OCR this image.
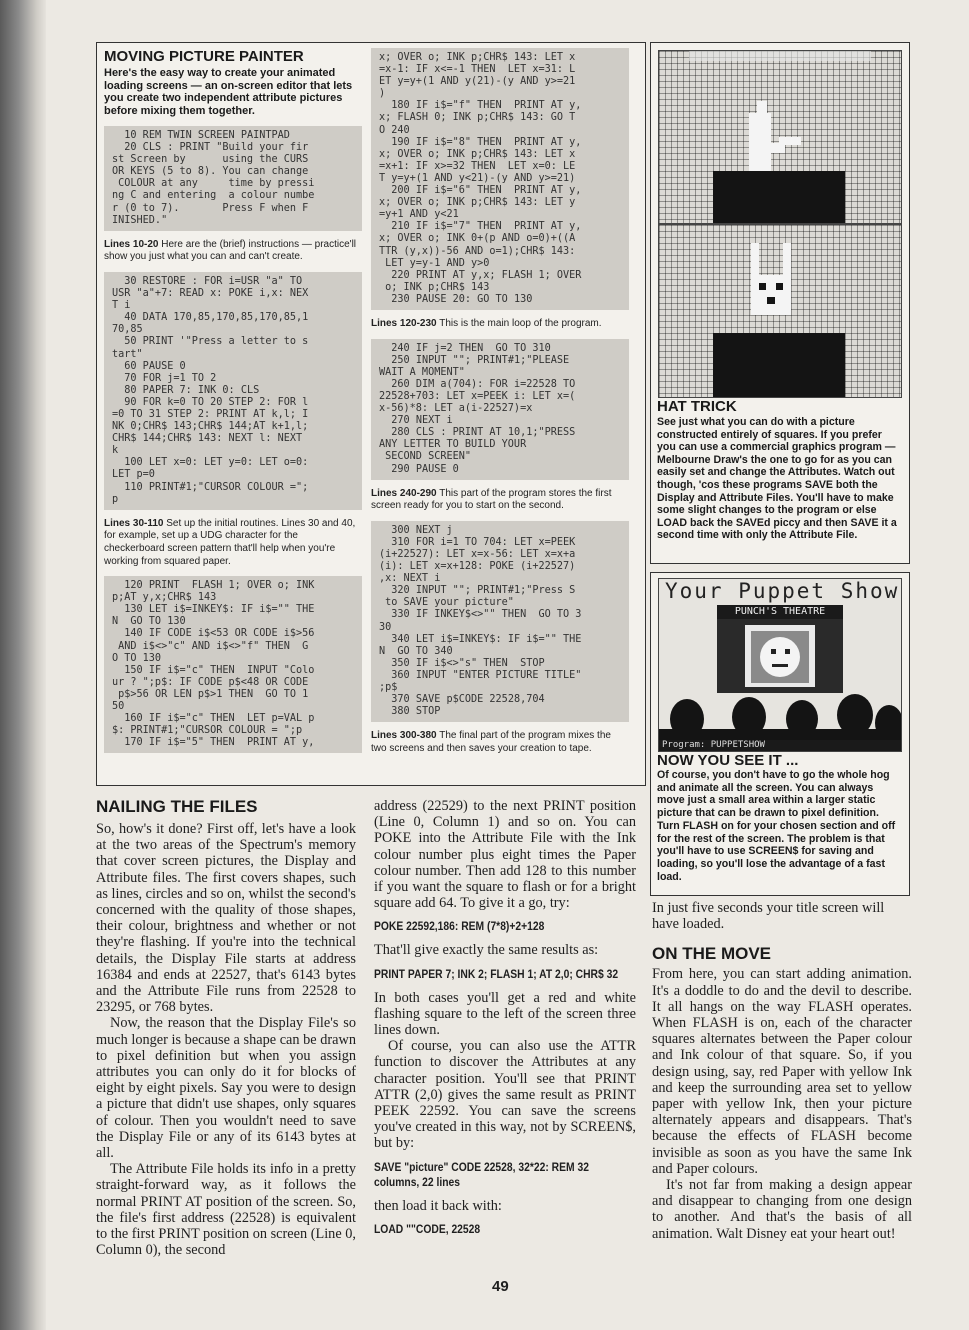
MOVING PICTURE PAINTER
Here's the easy way to create your animated loading screens — an on-screen editor that lets you create two independent attribute pictures before mixing them together.
10 REM TWIN SCREEN PAINTPAD
20 CLS : PRINT "Build your fir
st Screen by      using the CURS
OR KEYS (5 to 8). You can change
COLOUR at any     time by pressi
ng C and entering  a colour numbe
r (0 to 7).       Press F when F
INISHED."
Lines 10-20 Here are the (brief) instructions — practice'll show you just what you can and can't create.
30 RESTORE : FOR i=USR "a" TO
USR "a"+7: READ x: POKE i,x: NEX
T i
40 DATA 170,85,170,85,170,85,1
70,85
50 PRINT '"Press a letter to s
tart"
60 PAUSE 0
70 FOR j=1 TO 2
80 PAPER 7: INK 0: CLS
90 FOR k=0 TO 20 STEP 2: FOR l
=0 TO 31 STEP 2: PRINT AT k,l; I
NK 0;CHR$ 143;CHR$ 144;AT k+1,l;
CHR$ 144;CHR$ 143: NEXT l: NEXT
k
100 LET x=0: LET y=0: LET o=0:
LET p=0
110 PRINT#1;"CURSOR COLOUR =";
p
Lines 30-110 Set up the initial routines. Lines 30 and 40, for example, set up a UDG character for the checkerboard screen pattern that'll help when you're working from squared paper.
120 PRINT  FLASH 1; OVER o; INK
p;AT y,x;CHR$ 143
130 LET i$=INKEY$: IF i$="" THE
N  GO TO 130
140 IF CODE i$<53 OR CODE i$>56
AND i$<>"c" AND i$<>"f" THEN  G
O TO 130
150 IF i$="c" THEN  INPUT "Colo
ur ? ";p$: IF CODE p$<48 OR CODE
p$>56 OR LEN p$>1 THEN  GO TO 1
50
160 IF i$="c" THEN  LET p=VAL p
$: PRINT#1;"CURSOR COLOUR = ";p
170 IF i$="5" THEN  PRINT AT y,
x; OVER o; INK p;CHR$ 143: LET x
=x-1: IF x<=-1 THEN  LET x=31: L
ET y=y+(1 AND y(21)-(y AND y>=21
)
180 IF i$="f" THEN  PRINT AT y,
x; FLASH 0; INK p;CHR$ 143: GO T
O 240
190 IF i$="8" THEN  PRINT AT y,
x; OVER o; INK p;CHR$ 143: LET x
=x+1: IF x>=32 THEN  LET x=0: LE
T y=y+(1 AND y<21)-(y AND y>=21)
200 IF i$="6" THEN  PRINT AT y,
x; OVER o; INK p;CHR$ 143: LET y
=y+1 AND y<21
210 IF i$="7" THEN  PRINT AT y,
x; OVER o; INK 0+(p AND o=0)+((A
TTR (y,x))-56 AND o=1);CHR$ 143:
LET y=y-1 AND y>0
220 PRINT AT y,x; FLASH 1; OVER
o; INK p;CHR$ 143
230 PAUSE 20: GO TO 130
Lines 120-230 This is the main loop of the program.
240 IF j=2 THEN  GO TO 310
250 INPUT ""; PRINT#1;"PLEASE
WAIT A MOMENT"
260 DIM a(704): FOR i=22528 TO
22528+703: LET x=PEEK i: LET x=(
x-56)*8: LET a(i-22527)=x
270 NEXT i
280 CLS : PRINT AT 10,1;"PRESS
ANY LETTER TO BUILD YOUR
SECOND SCREEN"
290 PAUSE 0
Lines 240-290 This part of the program stores the first screen ready for you to start on the second.
300 NEXT j
310 FOR i=1 TO 704: LET x=PEEK
(i+22527): LET x=x-56: LET x=x+a
(i): LET x=x+128: POKE (i+22527)
,x: NEXT i
320 INPUT ""; PRINT#1;"Press S
to SAVE your picture"
330 IF INKEY$<>"" THEN  GO TO 3
30
340 LET i$=INKEY$: IF i$="" THE
N  GO TO 340
350 IF i$<>"s" THEN  STOP
360 INPUT "ENTER PICTURE TITLE"
;p$
370 SAVE p$CODE 22528,704
380 STOP
Lines 300-380 The final part of the program mixes the two screens and then saves your creation to tape.
HAT TRICK
See just what you can do with a picture constructed entirely of squares. If you prefer you can use a commercial graphics program — Melbourne Draw's the one to go for as you can easily set and change the Attributes. Watch out though, 'cos these programs SAVE both the Display and Attribute Files. You'll have to make some slight changes to the program or else LOAD back the SAVEd piccy and then SAVE it a second time with only the Attribute File.
Your Puppet Show
PUNCH'S THEATRE
Program: PUPPETSHOW
NOW YOU SEE IT ...
Of course, you don't have to go the whole hog and animate all the screen. You can always move just a small area within a larger static picture that can be drawn to pixel definition. Turn FLASH on for your chosen section and off for the rest of the screen. The problem is that you'll have to use SCREEN$ for saving and loading, so you'll lose the advantage of a fast load.
NAILING THE FILES

So, how's it done? First off, let's have a look at the two areas of the Spectrum's memory that cover screen pictures, the Display and Attribute files. The first covers shapes, such as lines, circles and so on, whilst the second's concerned with the quality of those shapes, their colour, brightness and whether or not they're flashing. If you're into the technical details, the Display File starts at address 16384 and ends at 22527, that's 6143 bytes and the Attribute File runs from 22528 to 23295, or 768 bytes.

Now, the reason that the Display File's so much longer is because a shape can be drawn to pixel definition but when you assign attributes you can only do it for blocks of eight by eight pixels. Say you were to design a picture that didn't use shapes, only squares of colour. Then you wouldn't need to save the Display File or any of its 6143 bytes at all.

The Attribute File holds its info in a pretty straight-forward way, as it follows the normal PRINT AT position of the screen. So, the file's first address (22528) is equivalent to the first PRINT position on screen (Line 0, Column 0), the second

address (22529) to the next PRINT position (Line 0, Column 1) and so on. You can POKE into the Attribute File with the Ink colour number plus eight times the Paper colour number. Then add 128 to this number if you want the square to flash or for a bright square add 64. To give it a go, try:

POKE 22592,186: REM (7*8)+2+128

That'll give exactly the same results as:

PRINT PAPER 7; INK 2; FLASH 1; AT 2,0; CHR$ 32

In both cases you'll get a red and white flashing square to the left of the screen three lines down.

Of course, you can also use the ATTR function to discover the Attributes at any character position. You'll see that PRINT ATTR (2,0) gives the same result as PRINT PEEK 22592. You can save the screens you've created in this way, not by SCREEN$, but by:

SAVE "picture" CODE 22528, 32*22: REM 32 columns, 22 lines

then load it back with:

LOAD ""CODE, 22528

In just five seconds your title screen will have loaded.

ON THE MOVE

From here, you can start adding animation. It's a doddle to do and the devil to describe. It all hangs on the way FLASH operates. When FLASH is on, each of the character squares alternates between the Paper colour and Ink colour of that square. So, if you design using, say, red Paper with yellow Ink and keep the surrounding area set to yellow paper with yellow Ink, then your picture alternately appears and disappears. That's because the effects of FLASH become invisible as soon as you have the same Ink and Paper colours.

It's not far from making a design appear and disappear to changing from one design to another. And that's the basis of all animation. Walt Disney eat your heart out!

49
